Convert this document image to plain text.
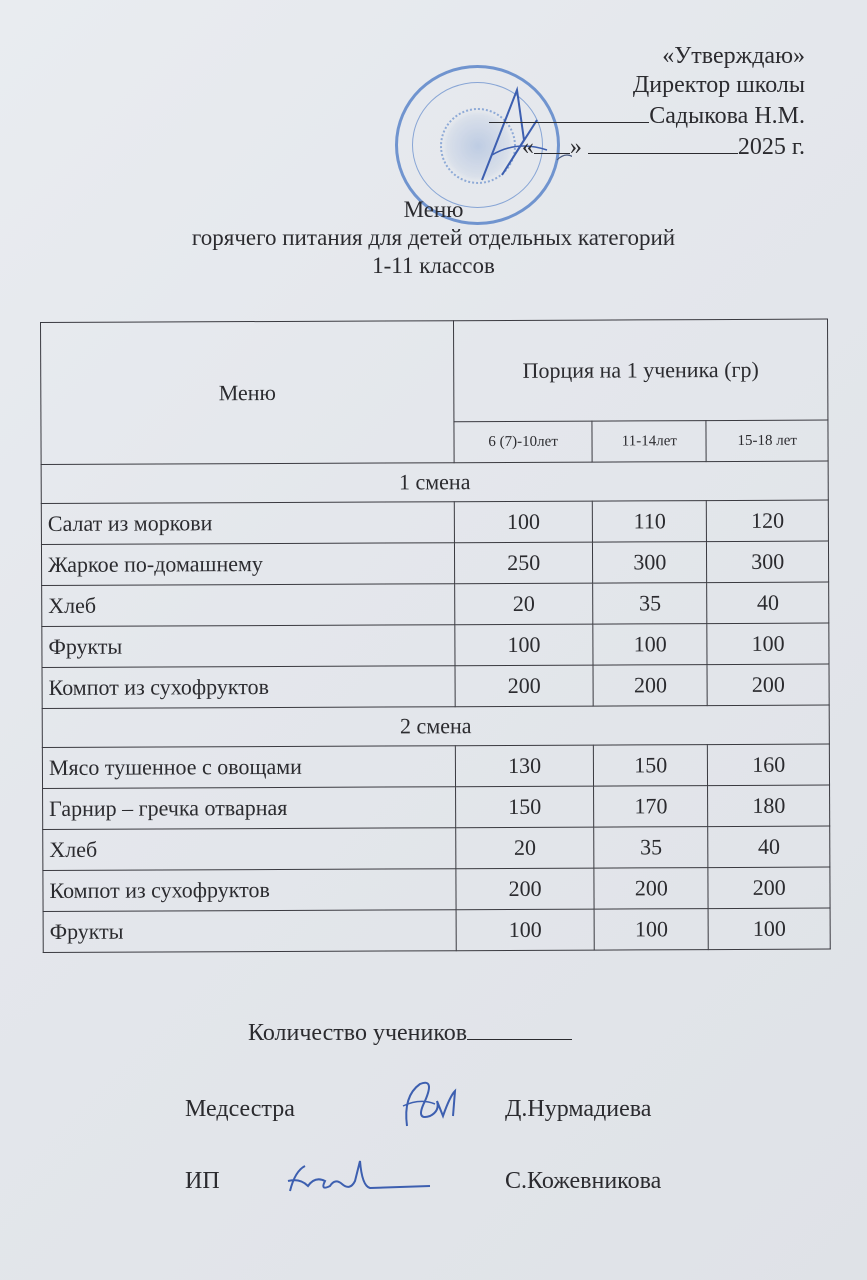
«Утверждаю»
Директор школы
Садыкова Н.М.
« »	2025 г.
Меню
горячего питания для детей отдельных категорий
1-11 классов
Меню	Порция на 1 ученика (гр)		
	6 (7)-10лет	11-14лет	15-18 лет
1 смена			
Салат из моркови	100	110	120
Жаркое по-домашнему	250	300	300
Хлеб	20	35	40
Фрукты	100	100	100
Компот из сухофруктов	200	200	200
2 смена			
Мясо тушенное с овощами	130	150	160
Гарнир – гречка отварная	150	170	180
Хлеб	20	35	40
Компот из сухофруктов	200	200	200
Фрукты	100	100	100
Количество учеников
Медсестра	Д.Нурмадиева
ИП	С.Кожевникова
